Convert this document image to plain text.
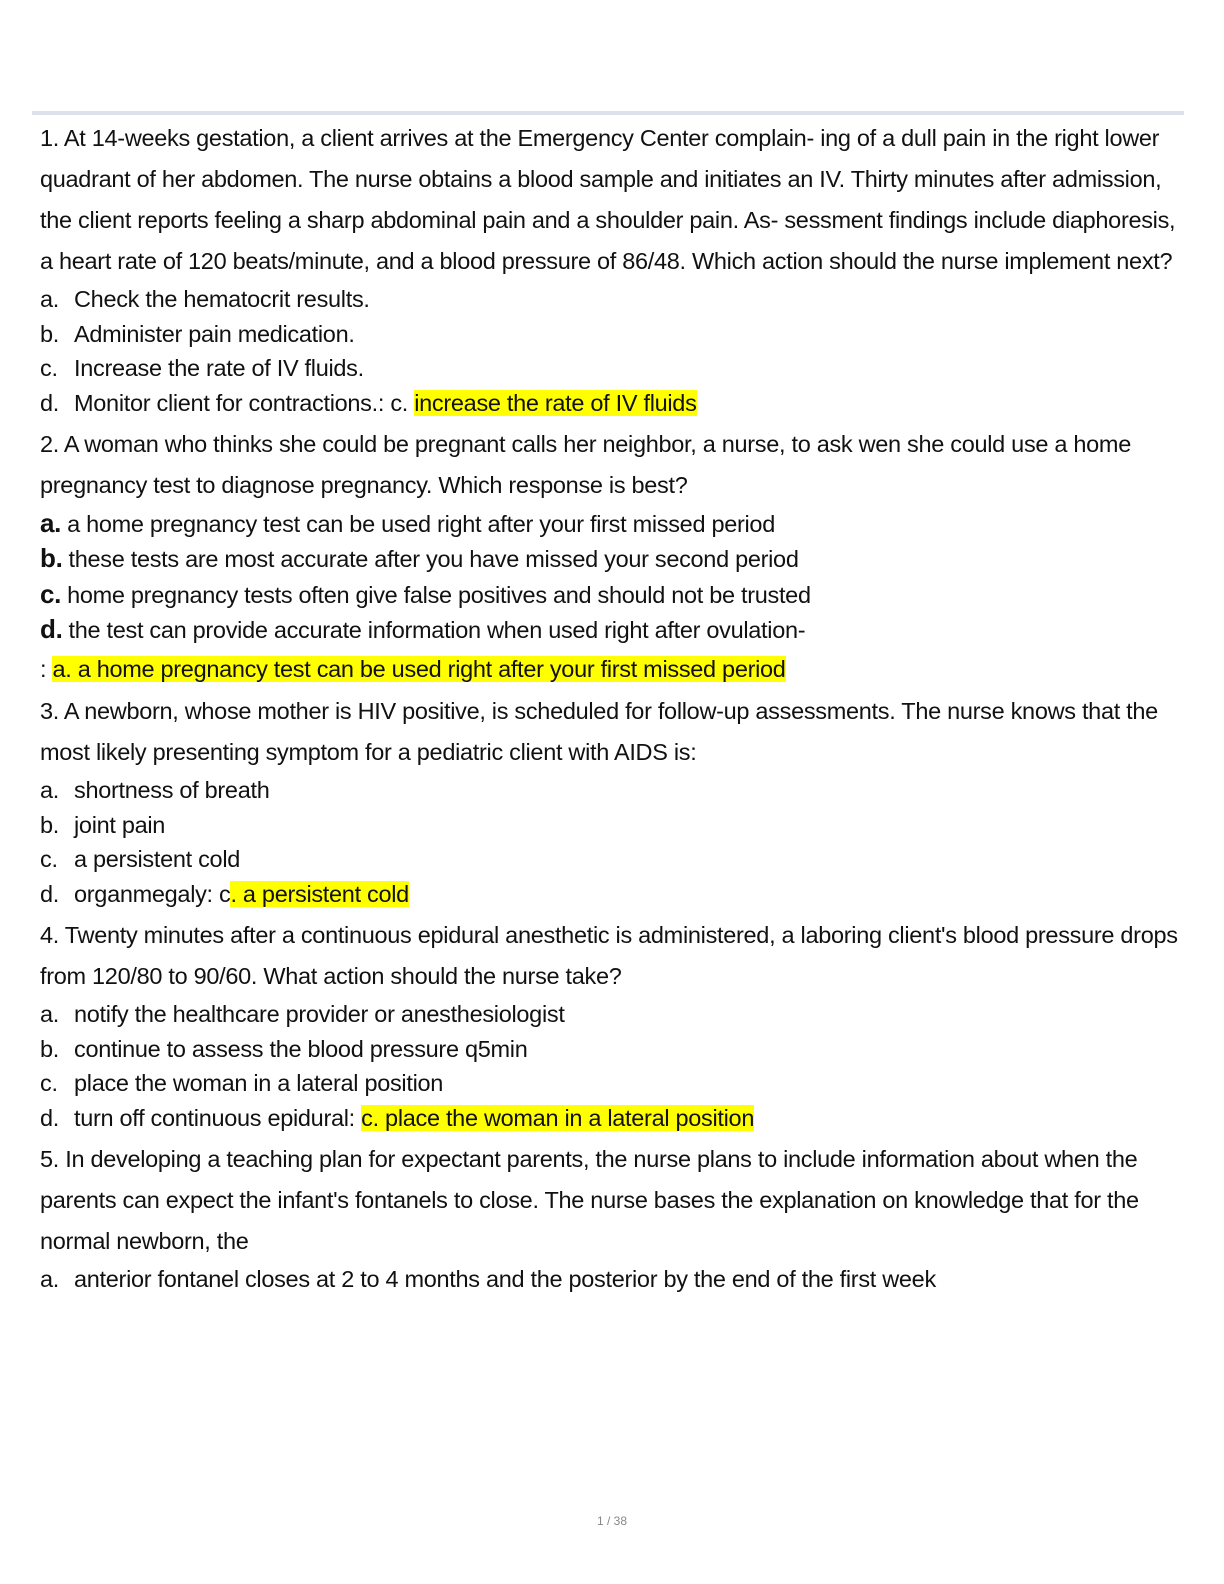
1. At 14-weeks gestation, a client arrives at the Emergency Center complain- ing of a dull pain in the right lower quadrant of her abdomen. The nurse obtains a blood sample and initiates an IV. Thirty minutes after admission, the client reports feeling a sharp abdominal pain and a shoulder pain. As- sessment findings include diaphoresis, a heart rate of 120 beats/minute, and a blood pressure of 86/48. Which action should the nurse implement next?

a. Check the hematocrit results.
b. Administer pain medication.
c. Increase the rate of IV fluids.
d. Monitor client for contractions.: c. increase the rate of IV fluids

2. A woman who thinks she could be pregnant calls her neighbor, a nurse, to ask wen she could use a home pregnancy test to diagnose pregnancy. Which response is best?

a. a home pregnancy test can be used right after your first missed period
b. these tests are most accurate after you have missed your second period
c. home pregnancy tests often give false positives and should not be trusted
d. the test can provide accurate information when used right after ovulation-
: a. a home pregnancy test can be used right after your first missed period

3. A newborn, whose mother is HIV positive, is scheduled for follow-up assessments. The nurse knows that the most likely presenting symptom for a pediatric client with AIDS is:

a. shortness of breath
b. joint pain
c. a persistent cold
d. organmegaly: c. a persistent cold

4. Twenty minutes after a continuous epidural anesthetic is administered, a laboring client's blood pressure drops from 120/80 to 90/60. What action should the nurse take?

a. notify the healthcare provider or anesthesiologist
b. continue to assess the blood pressure q5min
c. place the woman in a lateral position
d. turn off continuous epidural: c. place the woman in a lateral position

5. In developing a teaching plan for expectant parents, the nurse plans to include information about when the parents can expect the infant's fontanels to close. The nurse bases the explanation on knowledge that for the normal newborn, the

a. anterior fontanel closes at 2 to 4 months and the posterior by the end of the first week
1 / 38
